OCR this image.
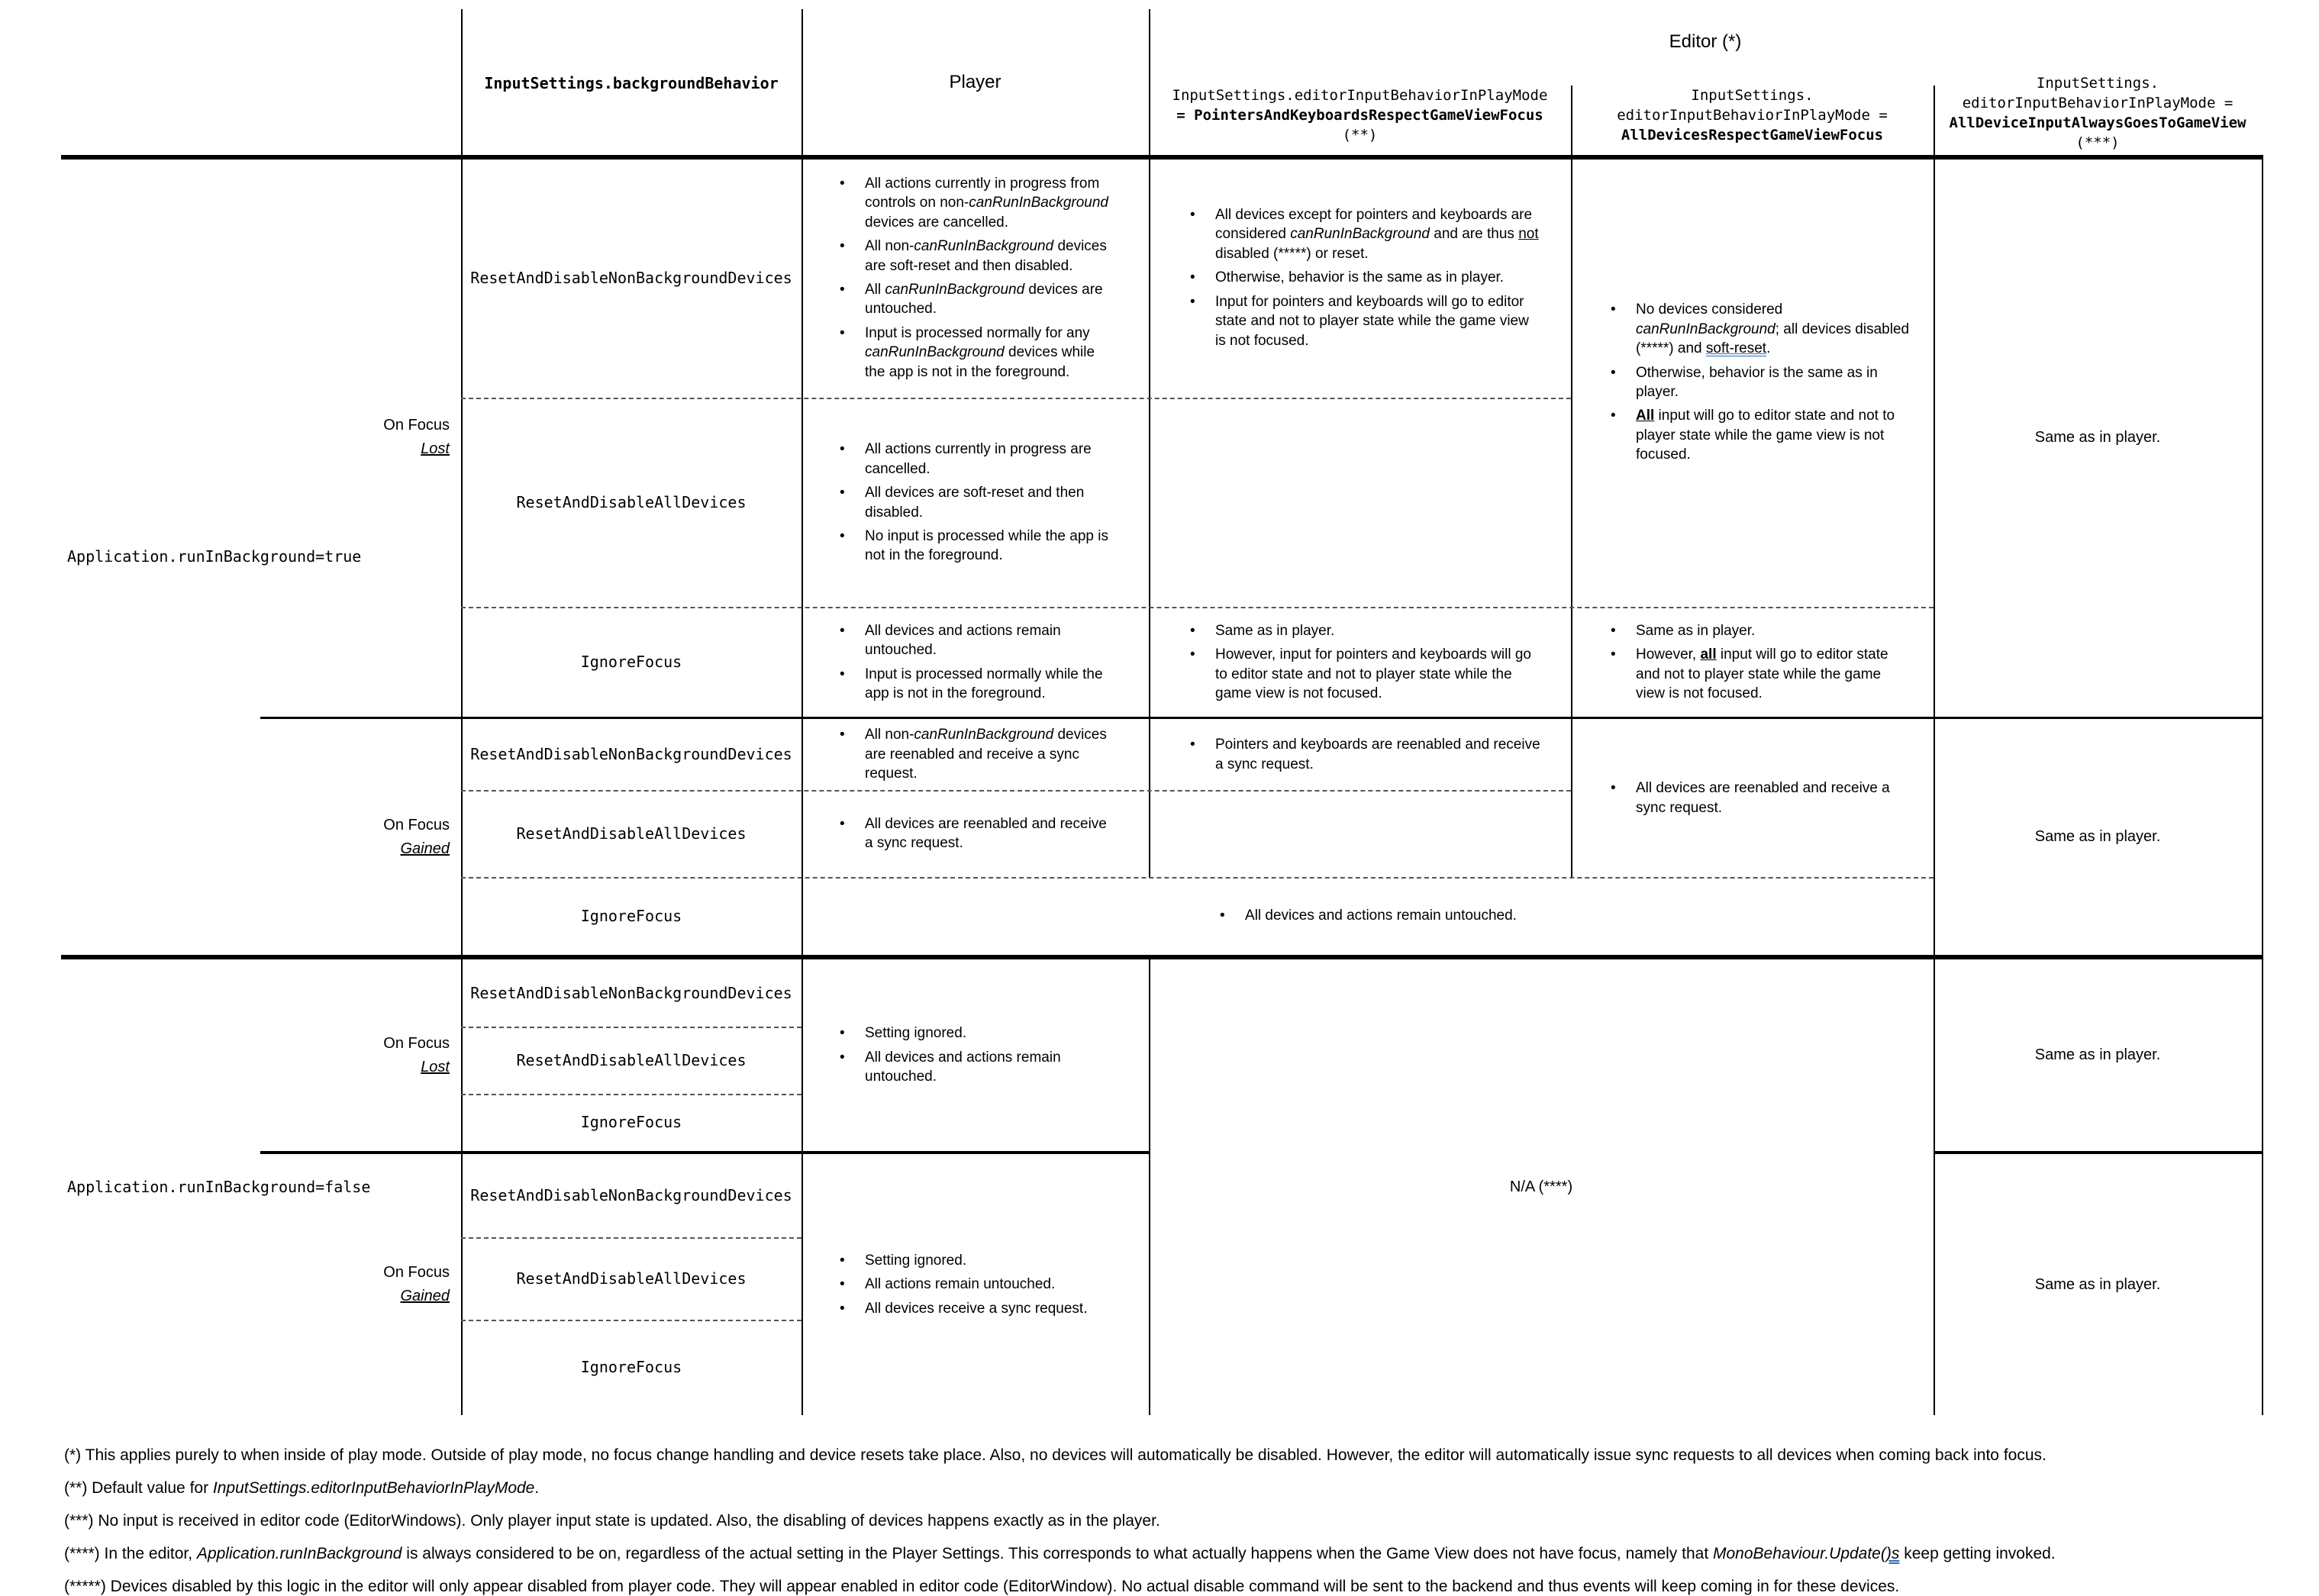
InputSettings.backgroundBehavior	Player
Editor (*)
InputSettings.editorInputBehaviorInPlayMode
= PointersAndKeyboardsRespectGameViewFocus
(**)
InputSettings.
editorInputBehaviorInPlayMode =
AllDevicesRespectGameViewFocus
InputSettings.
editorInputBehaviorInPlayMode =
AllDeviceInputAlwaysGoesToGameView
(***)
Application.runInBackground=true
Application.runInBackground=false
On Focus
Lost
On Focus
Gained
On Focus
Lost
On Focus
Gained
ResetAndDisableNonBackgroundDevices
ResetAndDisableAllDevices
IgnoreFocus
ResetAndDisableNonBackgroundDevices
ResetAndDisableAllDevices
IgnoreFocus
ResetAndDisableNonBackgroundDevices
ResetAndDisableAllDevices
IgnoreFocus
ResetAndDisableNonBackgroundDevices
ResetAndDisableAllDevices
IgnoreFocus
• All actions currently in progress from controls on non-canRunInBackground devices are cancelled.
• All non-canRunInBackground devices are soft-reset and then disabled.
• All canRunInBackground devices are untouched.
• Input is processed normally for any canRunInBackground devices while the app is not in the foreground.
• All devices except for pointers and keyboards are considered canRunInBackground and are thus not disabled (*****) or reset.
• Otherwise, behavior is the same as in player.
• Input for pointers and keyboards will go to editor state and not to player state while the game view is not focused.
• No devices considered canRunInBackground; all devices disabled (*****) and soft-reset.
• Otherwise, behavior is the same as in player.
• All input will go to editor state and not to player state while the game view is not focused.
Same as in player.
• All actions currently in progress are cancelled.
• All devices are soft-reset and then disabled.
• No input is processed while the app is not in the foreground.
• All devices and actions remain untouched.
• Input is processed normally while the app is not in the foreground.
• Same as in player.
• However, input for pointers and keyboards will go to editor state and not to player state while the game view is not focused.
• Same as in player.
• However, all input will go to editor state and not to player state while the game view is not focused.
• All non-canRunInBackground devices are reenabled and receive a sync request.
• Pointers and keyboards are reenabled and receive a sync request.
• All devices are reenabled and receive a sync request.
Same as in player.
• All devices are reenabled and receive a sync request.
• All devices and actions remain untouched.
• Setting ignored.
• All devices and actions remain untouched.
• Setting ignored.
• All actions remain untouched.
• All devices receive a sync request.
N/A (****)
Same as in player.
Same as in player.
(*) This applies purely to when inside of play mode. Outside of play mode, no focus change handling and device resets take place. Also, no devices will automatically be disabled. However, the editor will automatically issue sync requests to all devices when coming back into focus.
(**) Default value for InputSettings.editorInputBehaviorInPlayMode.
(***) No input is received in editor code (EditorWindows). Only player input state is updated. Also, the disabling of devices happens exactly as in the player.
(****) In the editor, Application.runInBackground is always considered to be on, regardless of the actual setting in the Player Settings. This corresponds to what actually happens when the Game View does not have focus, namely that MonoBehaviour.Update()s keep getting invoked.
(*****) Devices disabled by this logic in the editor will only appear disabled from player code. They will appear enabled in editor code (EditorWindow). No actual disable command will be sent to the backend and thus events will keep coming in for these devices.
